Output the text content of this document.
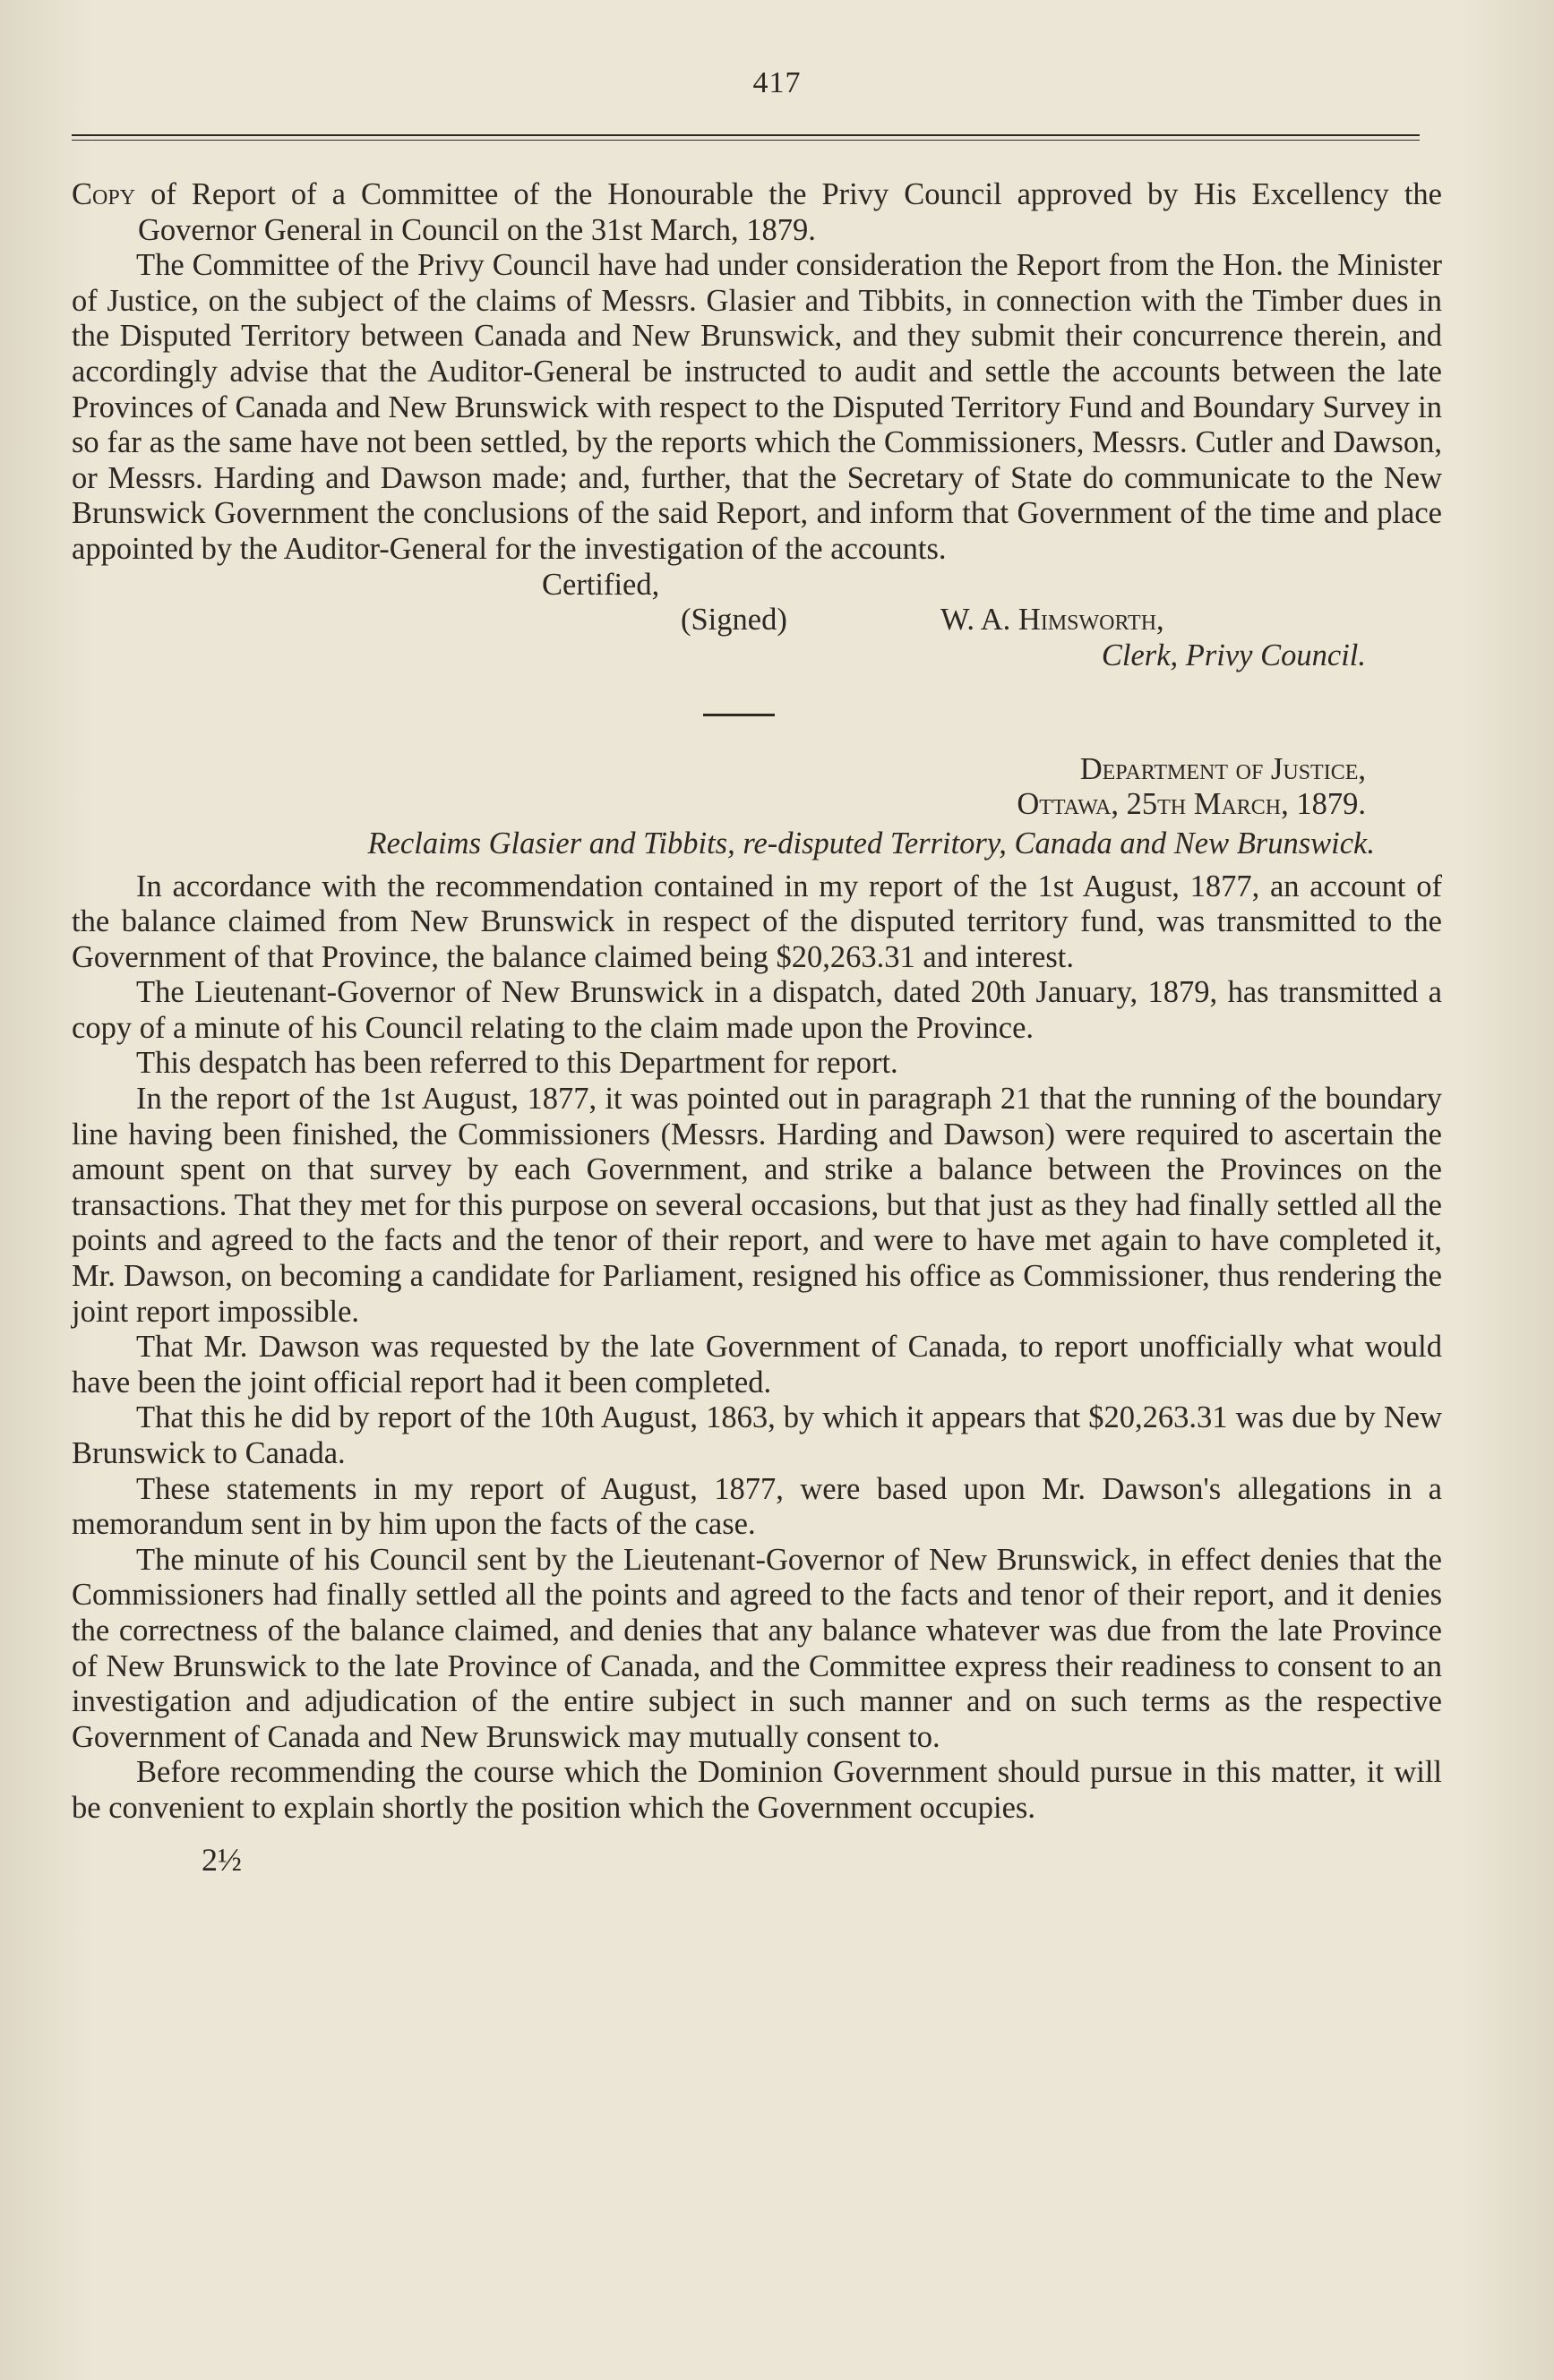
417

Copy of Report of a Committee of the Honourable the Privy Council approved by His Excellency the Governor General in Council on the 31st March, 1879.

The Committee of the Privy Council have had under consideration the Report from the Hon. the Minister of Justice, on the subject of the claims of Messrs. Glasier and Tibbits, in connection with the Timber dues in the Disputed Territory between Canada and New Brunswick, and they submit their concurrence therein, and accordingly advise that the Auditor-General be instructed to audit and settle the accounts between the late Provinces of Canada and New Brunswick with respect to the Disputed Territory Fund and Boundary Survey in so far as the same have not been settled, by the reports which the Commissioners, Messrs. Cutler and Dawson, or Messrs. Harding and Dawson made; and, further, that the Secretary of State do communicate to the New Brunswick Government the conclusions of the said Report, and inform that Government of the time and place appointed by the Auditor-General for the investigation of the accounts.

Certified,

(Signed)	W. A. Himsworth,

Clerk, Privy Council.

Department of Justice,

Ottawa, 25th March, 1879.

Reclaims Glasier and Tibbits, re-disputed Territory, Canada and New Brunswick.

In accordance with the recommendation contained in my report of the 1st August, 1877, an account of the balance claimed from New Brunswick in respect of the disputed territory fund, was transmitted to the Government of that Province, the balance claimed being $20,263.31 and interest.

The Lieutenant-Governor of New Brunswick in a dispatch, dated 20th January, 1879, has transmitted a copy of a minute of his Council relating to the claim made upon the Province.

This despatch has been referred to this Department for report.

In the report of the 1st August, 1877, it was pointed out in paragraph 21 that the running of the boundary line having been finished, the Commissioners (Messrs. Harding and Dawson) were required to ascertain the amount spent on that survey by each Government, and strike a balance between the Provinces on the transactions. That they met for this purpose on several occasions, but that just as they had finally settled all the points and agreed to the facts and the tenor of their report, and were to have met again to have completed it, Mr. Dawson, on becoming a candidate for Parliament, resigned his office as Commissioner, thus rendering the joint report impossible.

That Mr. Dawson was requested by the late Government of Canada, to report unofficially what would have been the joint official report had it been completed.

That this he did by report of the 10th August, 1863, by which it appears that $20,263.31 was due by New Brunswick to Canada.

These statements in my report of August, 1877, were based upon Mr. Dawson's allegations in a memorandum sent in by him upon the facts of the case.

The minute of his Council sent by the Lieutenant-Governor of New Brunswick, in effect denies that the Commissioners had finally settled all the points and agreed to the facts and tenor of their report, and it denies the correctness of the balance claimed, and denies that any balance whatever was due from the late Province of New Brunswick to the late Province of Canada, and the Committee express their readiness to consent to an investigation and adjudication of the entire subject in such manner and on such terms as the respective Government of Canada and New Brunswick may mutually consent to.

Before recommending the course which the Dominion Government should pursue in this matter, it will be convenient to explain shortly the position which the Government occupies.

2½
